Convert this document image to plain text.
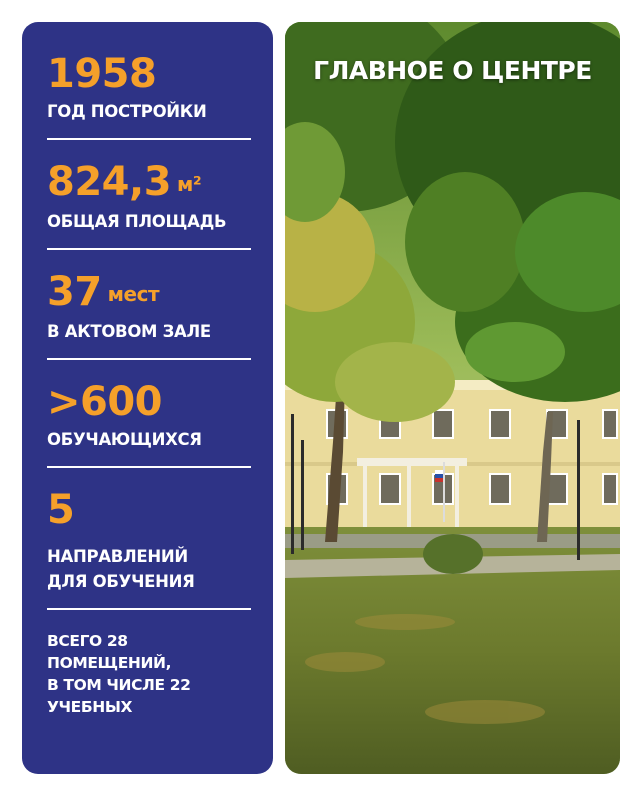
1958
ГОД ПОСТРОЙКИ
824,3 м²
ОБЩАЯ ПЛОЩАДЬ
37 мест
В АКТОВОМ ЗАЛЕ
>600
ОБУЧАЮЩИХСЯ
5
НАПРАВЛЕНИЙ
ДЛЯ ОБУЧЕНИЯ
ВСЕГО 28 ПОМЕЩЕНИЙ,
В ТОМ ЧИСЛЕ 22 УЧЕБНЫХ
ГЛАВНОЕ О ЦЕНТРЕ
